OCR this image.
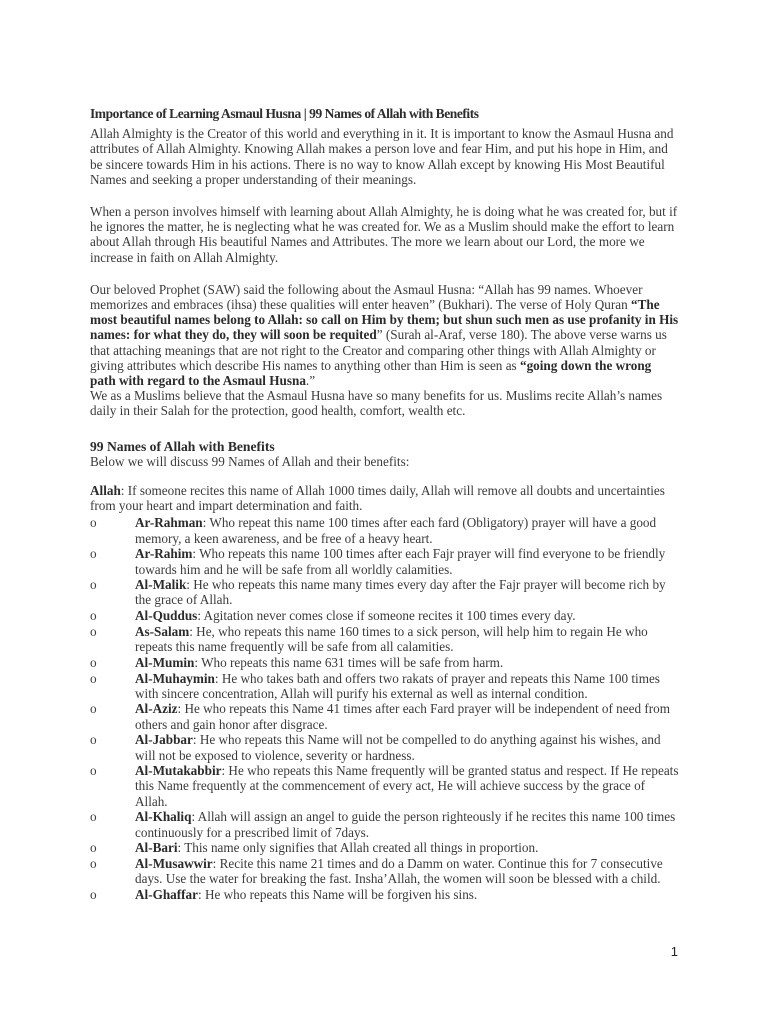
Importance of Learning Asmaul Husna | 99 Names of Allah with Benefits

Allah Almighty is the Creator of this world and everything in it. It is important to know the Asmaul Husna and attributes of Allah Almighty. Knowing Allah makes a person love and fear Him, and put his hope in Him, and be sincere towards Him in his actions. There is no way to know Allah except by knowing His Most Beautiful Names and seeking a proper understanding of their meanings.

When a person involves himself with learning about Allah Almighty, he is doing what he was created for, but if he ignores the matter, he is neglecting what he was created for. We as a Muslim should make the effort to learn about Allah through His beautiful Names and Attributes. The more we learn about our Lord, the more we increase in faith on Allah Almighty.

Our beloved Prophet (SAW) said the following about the Asmaul Husna: “Allah has 99 names. Whoever memorizes and embraces (ihsa) these qualities will enter heaven” (Bukhari). The verse of Holy Quran “The most beautiful names belong to Allah: so call on Him by them; but shun such men as use profanity in His names: for what they do, they will soon be requited” (Surah al-Araf, verse 180). The above verse warns us that attaching meanings that are not right to the Creator and comparing other things with Allah Almighty or giving attributes which describe His names to anything other than Him is seen as “going down the wrong path with regard to the Asmaul Husna.”

We as a Muslims believe that the Asmaul Husna have so many benefits for us. Muslims recite Allah’s names daily in their Salah for the protection, good health, comfort, wealth etc.

99 Names of Allah with Benefits
Below we will discuss 99 Names of Allah and their benefits:
Allah: If someone recites this name of Allah 1000 times daily, Allah will remove all doubts and uncertainties from your heart and impart determination and faith.
o	Ar-Rahman: Who repeat this name 100 times after each fard (Obligatory) prayer will have a good memory, a keen awareness, and be free of a heavy heart.
o	Ar-Rahim: Who repeats this name 100 times after each Fajr prayer will find everyone to be friendly towards him and he will be safe from all worldly calamities.
o	Al-Malik: He who repeats this name many times every day after the Fajr prayer will become rich by the grace of Allah.
o	Al-Quddus: Agitation never comes close if someone recites it 100 times every day.
o	As-Salam: He, who repeats this name 160 times to a sick person, will help him to regain He who repeats this name frequently will be safe from all calamities.
o	Al-Mumin: Who repeats this name 631 times will be safe from harm.
o	Al-Muhaymin: He who takes bath and offers two rakats of prayer and repeats this Name 100 times with sincere concentration, Allah will purify his external as well as internal condition.
o	Al-Aziz: He who repeats this Name 41 times after each Fard prayer will be independent of need from others and gain honor after disgrace.
o	Al-Jabbar: He who repeats this Name will not be compelled to do anything against his wishes, and will not be exposed to violence, severity or hardness.
o	Al-Mutakabbir: He who repeats this Name frequently will be granted status and respect. If He repeats this Name frequently at the commencement of every act, He will achieve success by the grace of Allah.
o	Al-Khaliq: Allah will assign an angel to guide the person righteously if he recites this name 100 times continuously for a prescribed limit of 7days.
o	Al-Bari: This name only signifies that Allah created all things in proportion.
o	Al-Musawwir: Recite this name 21 times and do a Damm on water. Continue this for 7 consecutive days. Use the water for breaking the fast. Insha’Allah, the women will soon be blessed with a child.
o	Al-Ghaffar: He who repeats this Name will be forgiven his sins.
1
